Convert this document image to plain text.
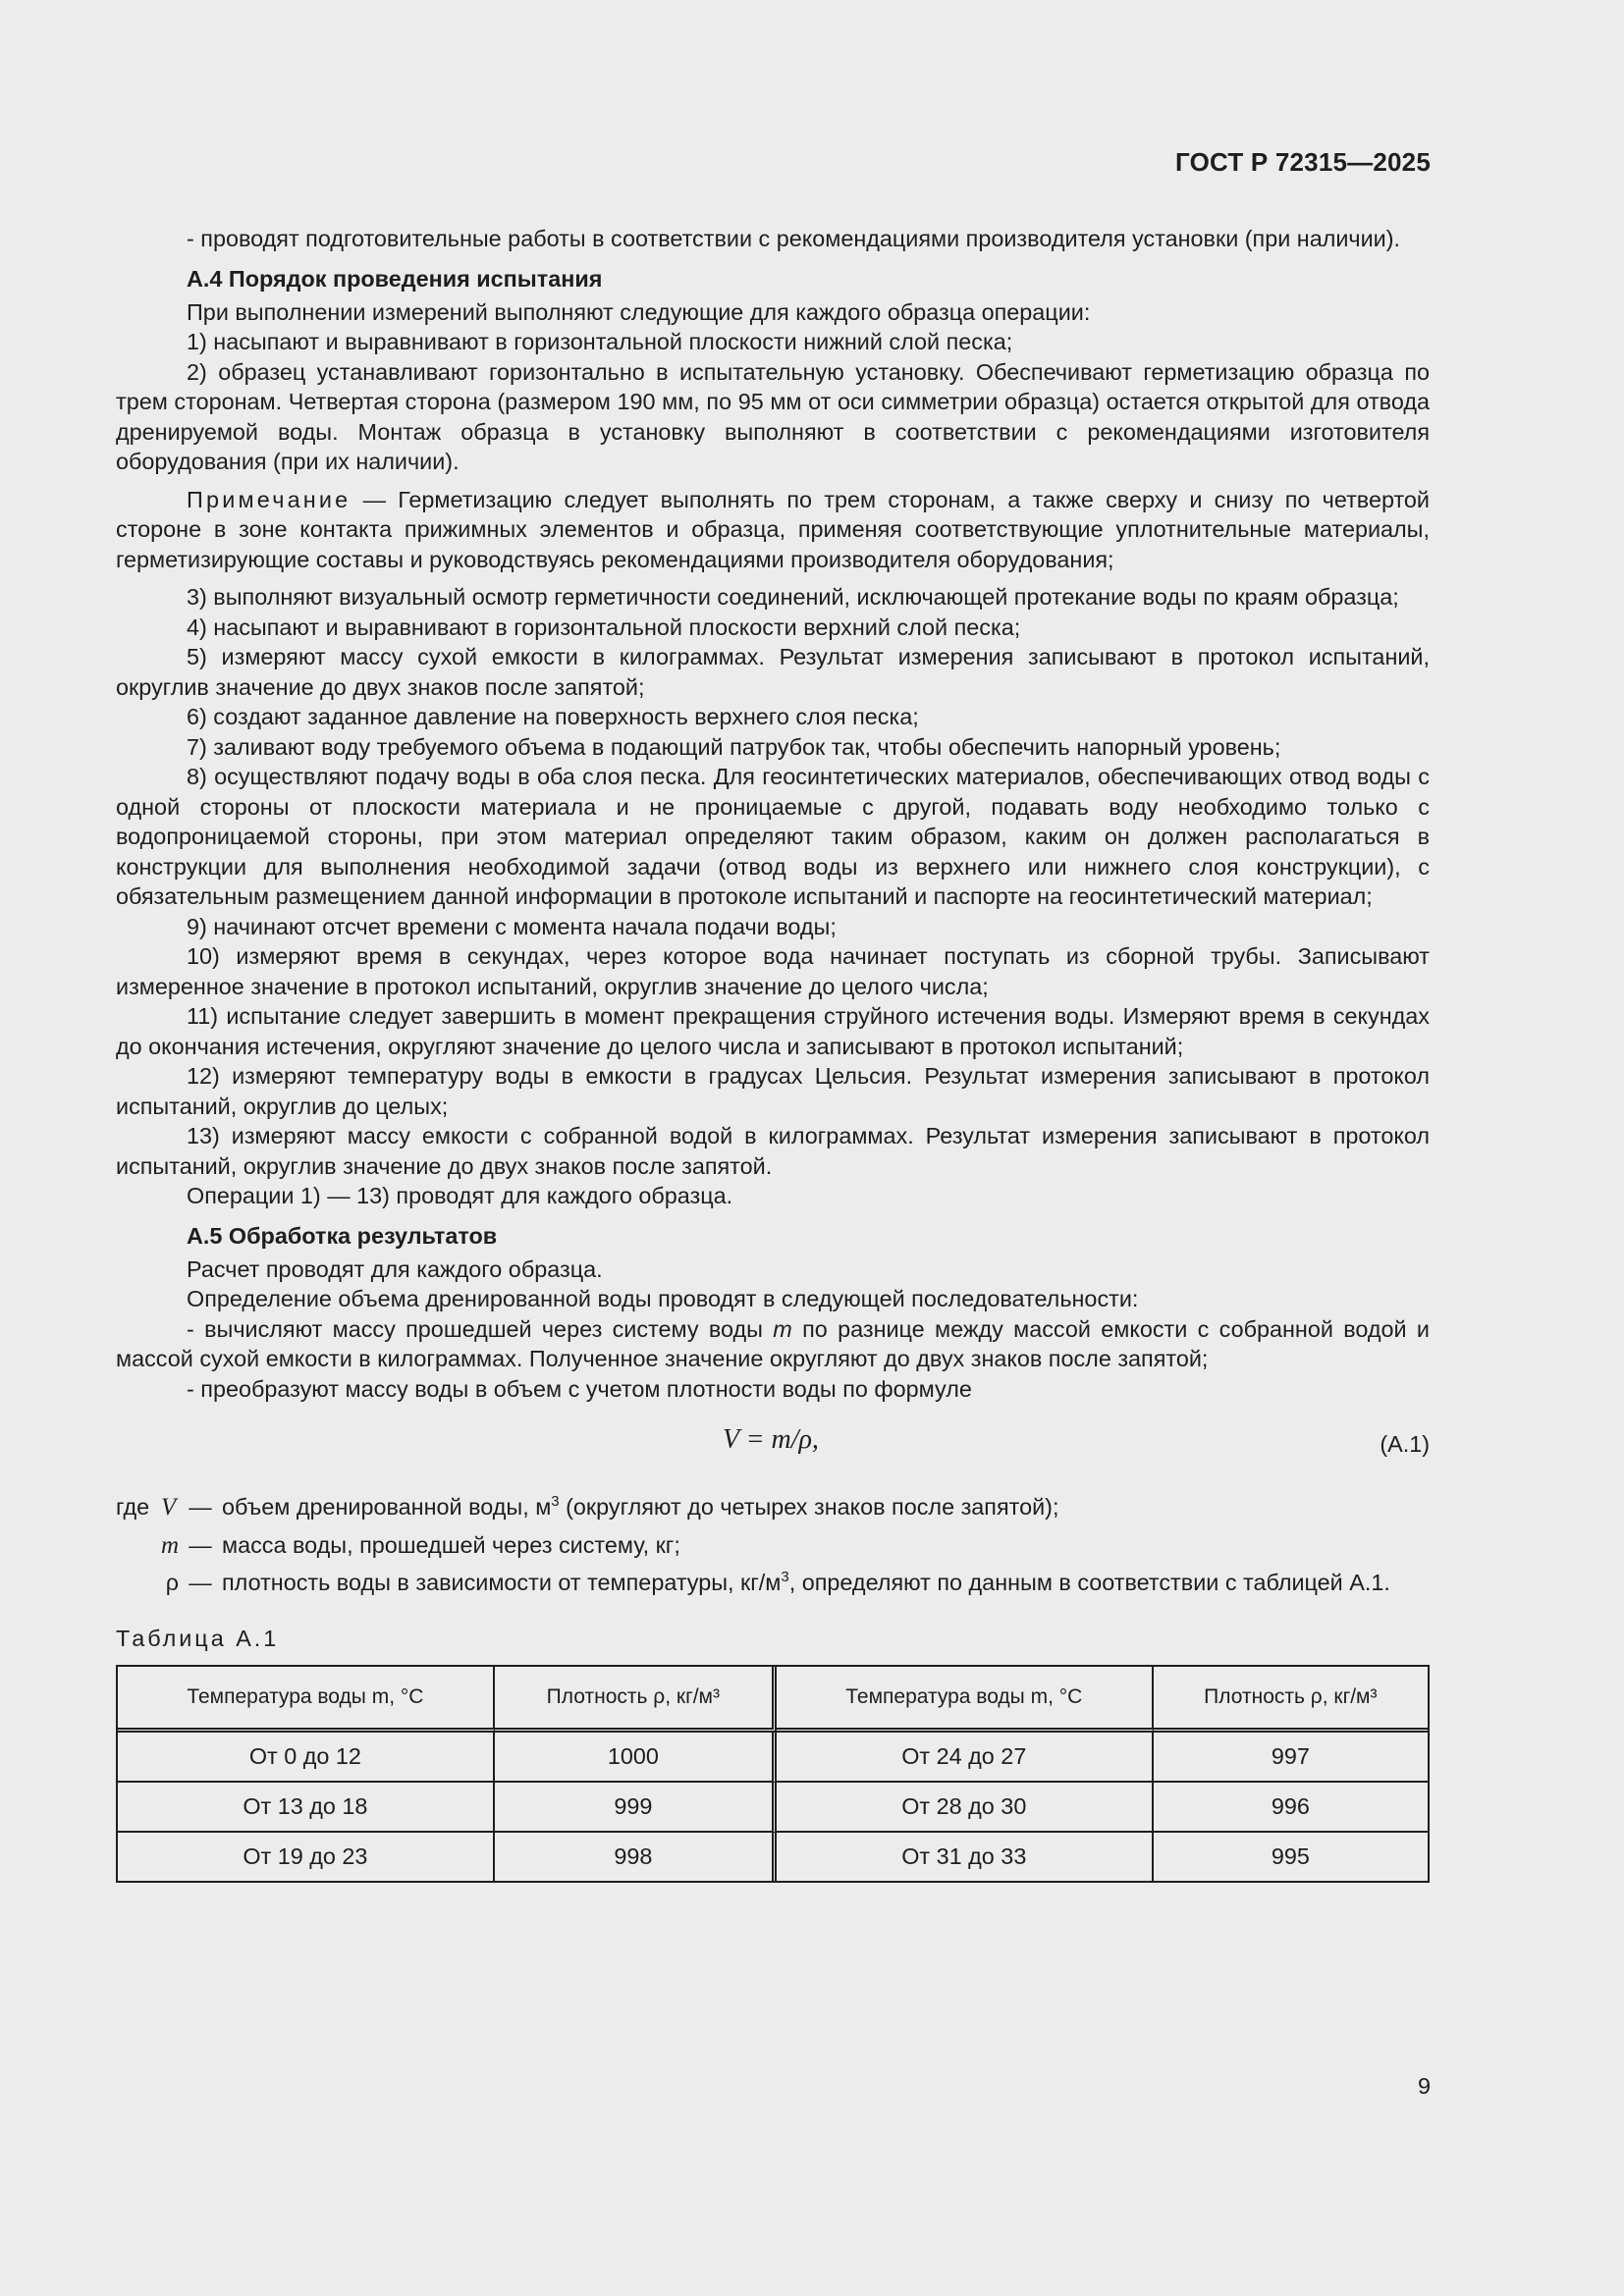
ГОСТ Р 72315—2025

- проводят подготовительные работы в соответствии с рекомендациями производителя установки (при наличии).

А.4 Порядок проведения испытания

При выполнении измерений выполняют следующие для каждого образца операции:

1) насыпают и выравнивают в горизонтальной плоскости нижний слой песка;

2) образец устанавливают горизонтально в испытательную установку. Обеспечивают герметизацию образца по трем сторонам. Четвертая сторона (размером 190 мм, по 95 мм от оси симметрии образца) остается открытой для отвода дренируемой воды. Монтаж образца в установку выполняют в соответствии с рекомендациями изготовителя оборудования (при их наличии).

Примечание — Герметизацию следует выполнять по трем сторонам, а также сверху и снизу по четвертой стороне в зоне контакта прижимных элементов и образца, применяя соответствующие уплотнительные материалы, герметизирующие составы и руководствуясь рекомендациями производителя оборудования;

3) выполняют визуальный осмотр герметичности соединений, исключающей протекание воды по краям образца;

4) насыпают и выравнивают в горизонтальной плоскости верхний слой песка;

5) измеряют массу сухой емкости в килограммах. Результат измерения записывают в протокол испытаний, округлив значение до двух знаков после запятой;

6) создают заданное давление на поверхность верхнего слоя песка;

7) заливают воду требуемого объема в подающий патрубок так, чтобы обеспечить напорный уровень;

8) осуществляют подачу воды в оба слоя песка. Для геосинтетических материалов, обеспечивающих отвод воды с одной стороны от плоскости материала и не проницаемые с другой, подавать воду необходимо только с водопроницаемой стороны, при этом материал определяют таким образом, каким он должен располагаться в конструкции для выполнения необходимой задачи (отвод воды из верхнего или нижнего слоя конструкции), с обязательным размещением данной информации в протоколе испытаний и паспорте на геосинтетический материал;

9) начинают отсчет времени с момента начала подачи воды;

10) измеряют время в секундах, через которое вода начинает поступать из сборной трубы. Записывают измеренное значение в протокол испытаний, округлив значение до целого числа;

11) испытание следует завершить в момент прекращения струйного истечения воды. Измеряют время в секундах до окончания истечения, округляют значение до целого числа и записывают в протокол испытаний;

12) измеряют температуру воды в емкости в градусах Цельсия. Результат измерения записывают в протокол испытаний, округлив до целых;

13) измеряют массу емкости с собранной водой в килограммах. Результат измерения записывают в протокол испытаний, округлив значение до двух знаков после запятой.

Операции 1) — 13) проводят для каждого образца.

А.5 Обработка результатов

Расчет проводят для каждого образца.

Определение объема дренированной воды проводят в следующей последовательности:

- вычисляют массу прошедшей через систему воды m по разнице между массой емкости с собранной водой и массой сухой емкости в килограммах. Полученное значение округляют до двух знаков после запятой;

- преобразуют массу воды в объем с учетом плотности воды по формуле

V = m/ρ,	(А.1)
где V — объем дренированной воды, $м^3$ (округляют до четырех знаков после запятой);
m — масса воды, прошедшей через систему, кг;
ρ — плотность воды в зависимости от температуры, $кг/м^3$, определяют по данным в соответствии с таблицей А.1.
Таблица А.1
Температура воды m, °C	Плотность ρ, кг/м³	Температура воды m, °C	Плотность ρ, кг/м³
От 0 до 12	1000	От 24 до 27	997
От 13 до 18	999	От 28 до 30	996
От 19 до 23	998	От 31 до 33	995
9
